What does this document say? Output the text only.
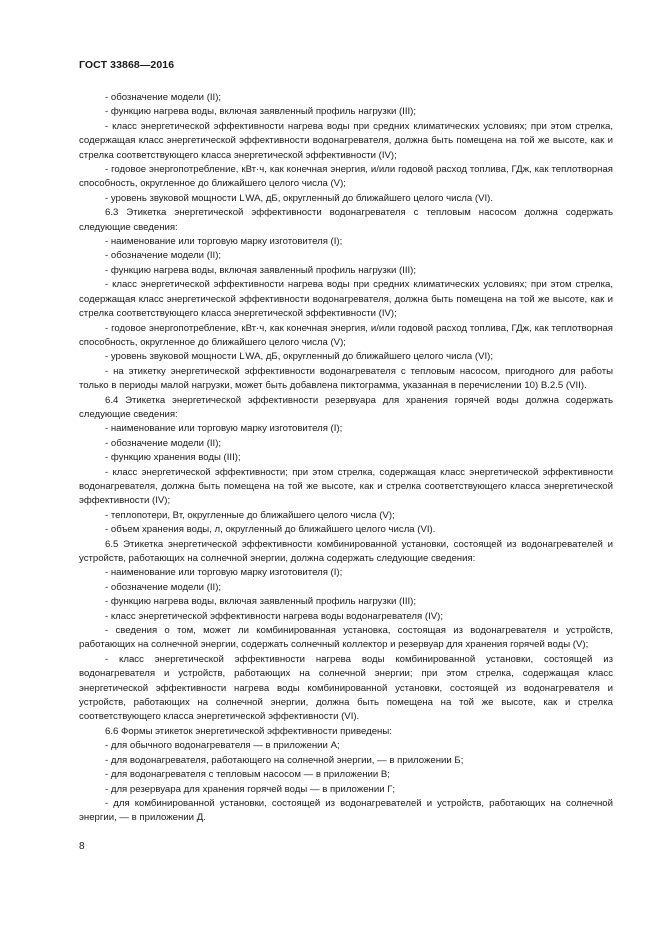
ГОСТ 33868—2016

- обозначение модели (II);

- функцию нагрева воды, включая заявленный профиль нагрузки (III);

- класс энергетической эффективности нагрева воды при средних климатических условиях; при этом стрелка, содержащая класс энергетической эффективности водонагревателя, должна быть помещена на той же высоте, как и стрелка соответствующего класса энергетической эффективности (IV);

- годовое энергопотребление, кВт·ч, как конечная энергия, и/или годовой расход топлива, ГДж, как теплотворная способность, округленное до ближайшего целого числа (V);

- уровень звуковой мощности L WA, дБ, округленный до ближайшего целого числа (VI).

6.3 Этикетка энергетической эффективности водонагревателя с тепловым насосом должна содержать следующие сведения:

- наименование или торговую марку изготовителя (I);

- обозначение модели (II);

- функцию нагрева воды, включая заявленный профиль нагрузки (III);

- класс энергетической эффективности нагрева воды при средних климатических условиях; при этом стрелка, содержащая класс энергетической эффективности водонагревателя, должна быть помещена на той же высоте, как и стрелка соответствующего класса энергетической эффективности (IV);

- годовое энергопотребление, кВт·ч, как конечная энергия, и/или годовой расход топлива, ГДж, как теплотворная способность, округленное до ближайшего целого числа (V);

- уровень звуковой мощности L WA, дБ, округленный до ближайшего целого числа (VI);

- на этикетку энергетической эффективности водонагревателя с тепловым насосом, пригодного для работы только в периоды малой нагрузки, может быть добавлена пиктограмма, указанная в перечислении 10) В.2.5 (VII).

6.4 Этикетка энергетической эффективности резервуара для хранения горячей воды должна содержать следующие сведения:

- наименование или торговую марку изготовителя (I);

- обозначение модели (II);

- функцию хранения воды (III);

- класс энергетической эффективности; при этом стрелка, содержащая класс энергетической эффективности водонагревателя, должна быть помещена на той же высоте, как и стрелка соответствующего класса энергетической эффективности (IV);

- теплопотери, Вт, округленные до ближайшего целого числа (V);

- объем хранения воды, л, округленный до ближайшего целого числа (VI).

6.5 Этикетка энергетической эффективности комбинированной установки, состоящей из водонагревателей и устройств, работающих на солнечной энергии, должна содержать следующие сведения:

- наименование или торговую марку изготовителя (I);

- обозначение модели (II);

- функцию нагрева воды, включая заявленный профиль нагрузки (III);

- класс энергетической эффективности нагрева воды водонагревателя (IV);

- сведения о том, может ли комбинированная установка, состоящая из водонагревателя и устройств, работающих на солнечной энергии, содержать солнечный коллектор и резервуар для хранения горячей воды (V);

- класс энергетической эффективности нагрева воды комбинированной установки, состоящей из водонагревателя и устройств, работающих на солнечной энергии; при этом стрелка, содержащая класс энергетической эффективности нагрева воды комбинированной установки, состоящей из водонагревателя и устройств, работающих на солнечной энергии, должна быть помещена на той же высоте, как и стрелка соответствующего класса энергетической эффективности (VI).

6.6 Формы этикеток энергетической эффективности приведены:

- для обычного водонагревателя — в приложении А;

- для водонагревателя, работающего на солнечной энергии, — в приложении Б;

- для водонагревателя с тепловым насосом — в приложении В;

- для резервуара для хранения горячей воды — в приложении Г;

- для комбинированной установки, состоящей из водонагревателей и устройств, работающих на солнечной энергии, — в приложении Д.

8
